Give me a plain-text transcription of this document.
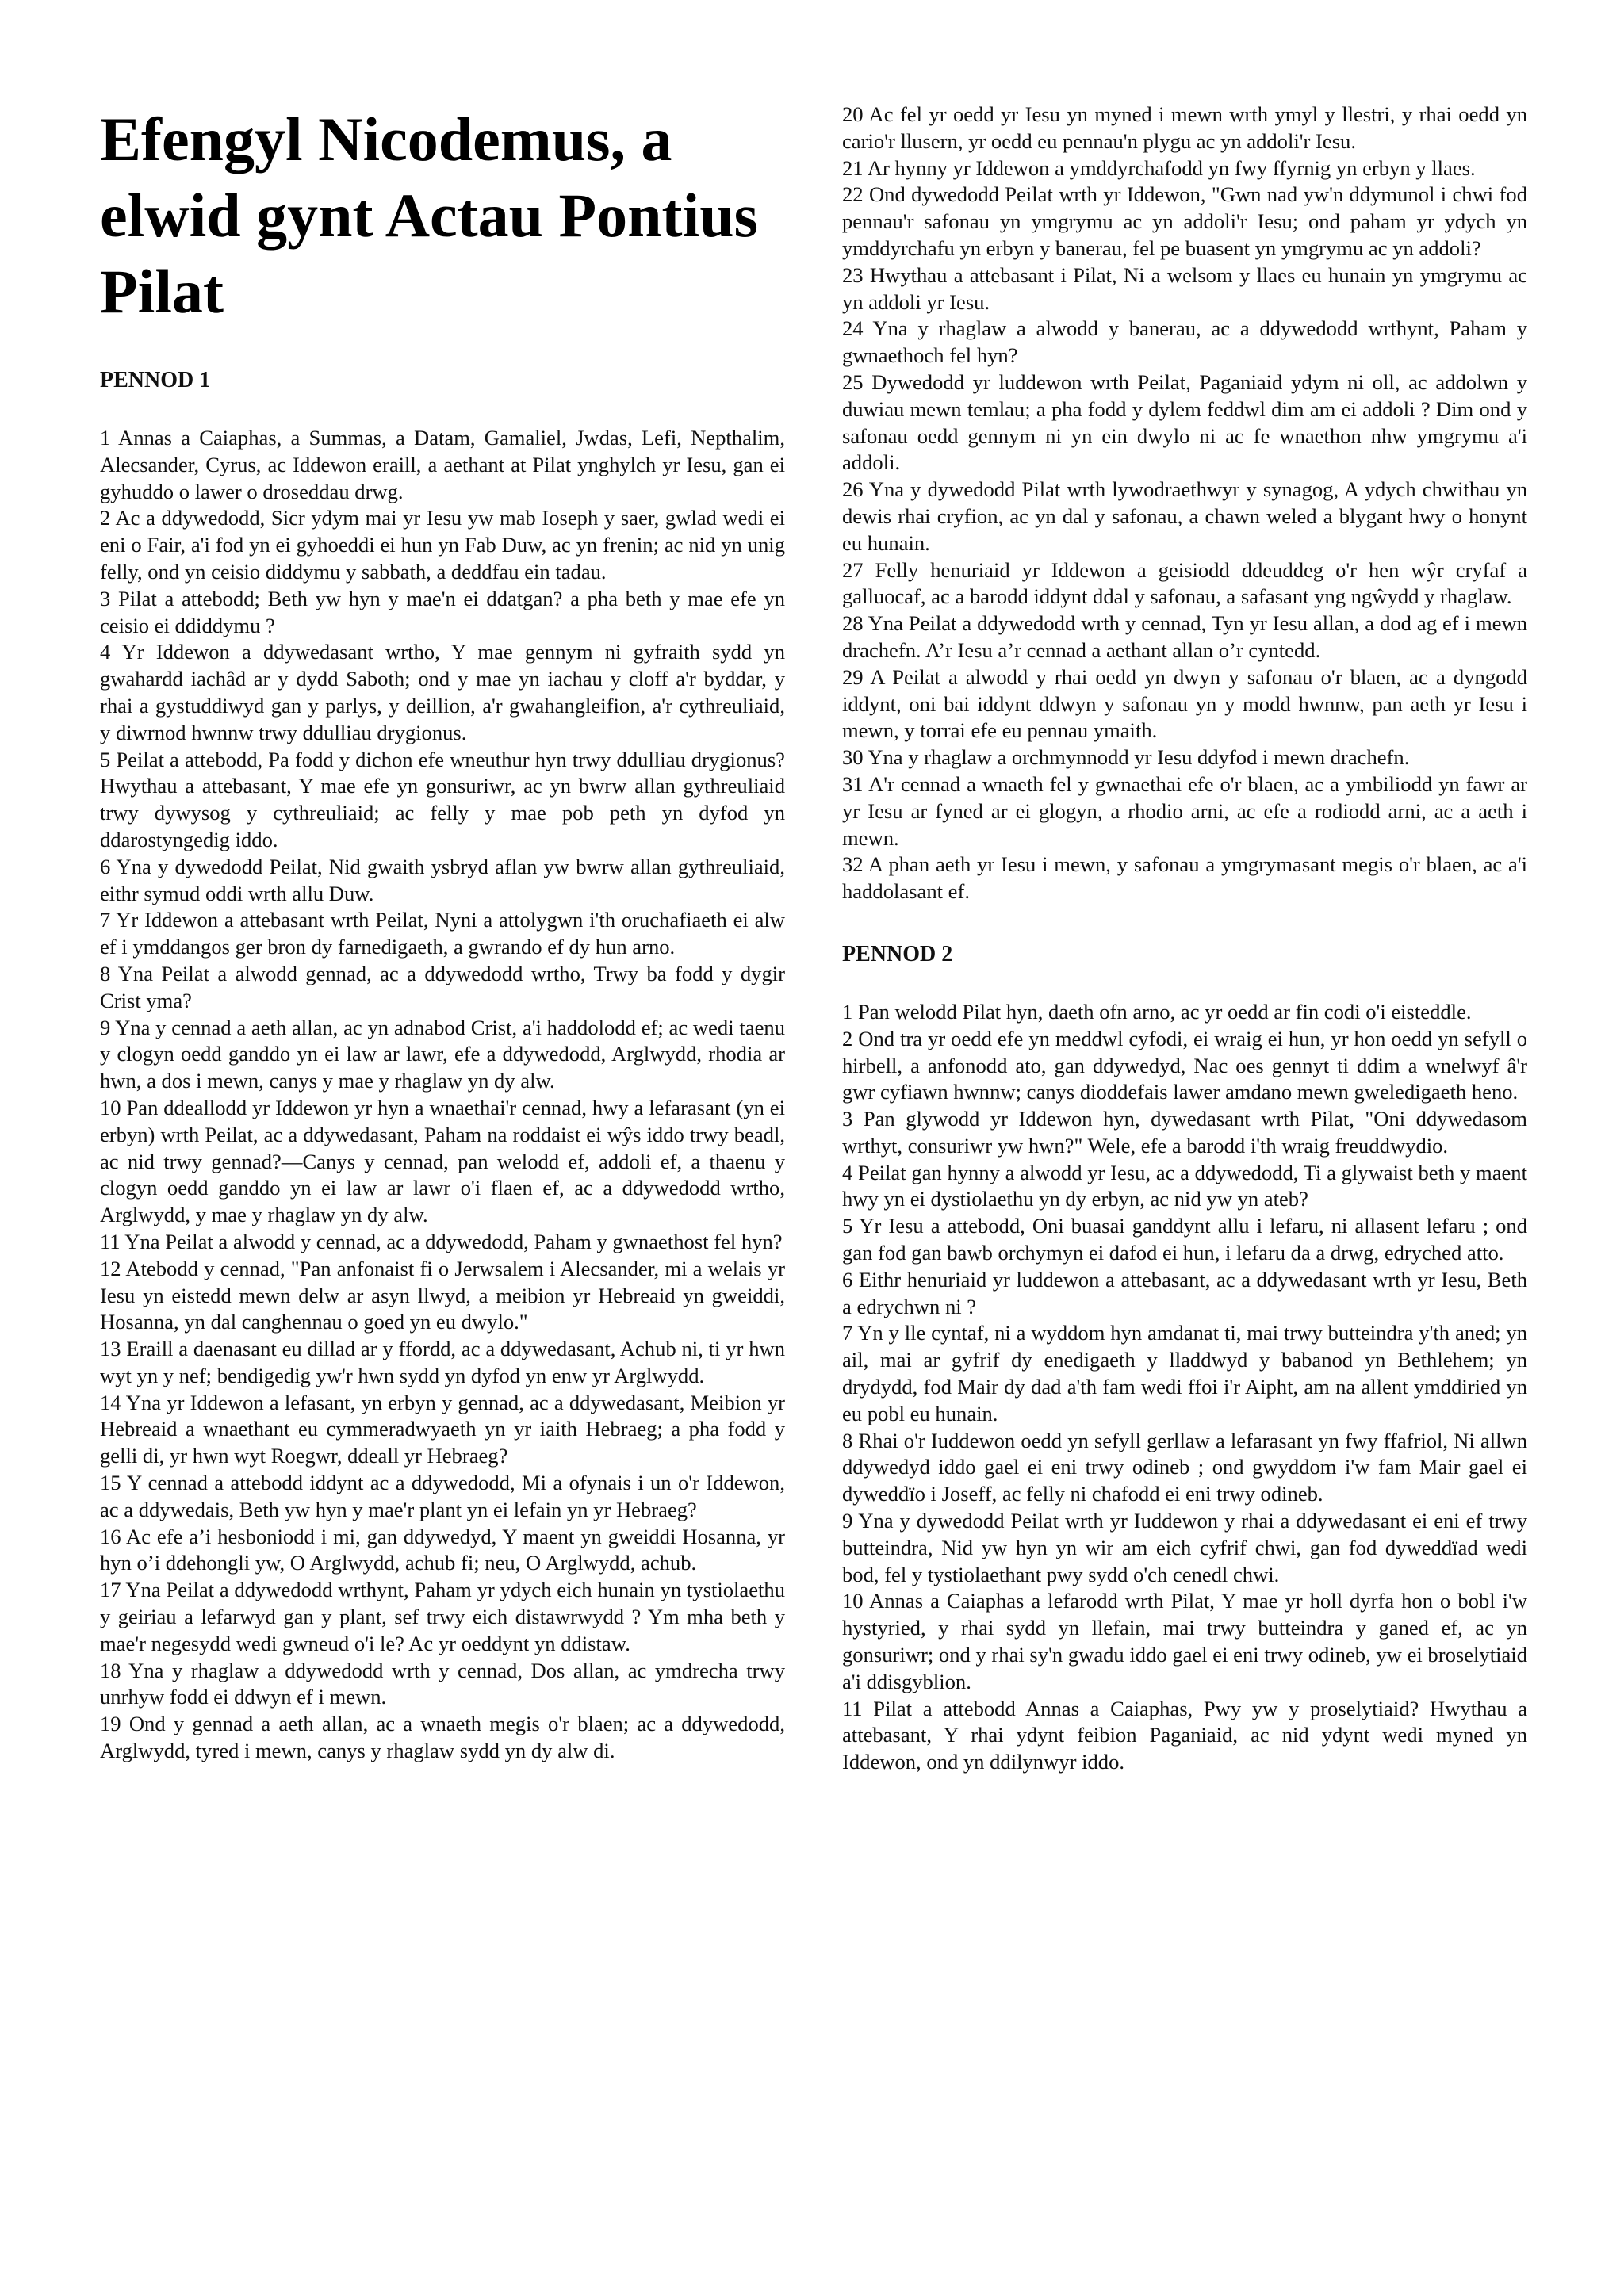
Efengyl Nicodemus, a elwid gynt Actau Pontius Pilat
PENNOD 1

1 Annas a Caiaphas, a Summas, a Datam, Gamaliel, Jwdas, Lefi, Nepthalim, Alecsander, Cyrus, ac Iddewon eraill, a aethant at Pilat ynghylch yr Iesu, gan ei gyhuddo o lawer o droseddau drwg.

2 Ac a ddywedodd, Sicr ydym mai yr Iesu yw mab Ioseph y saer, gwlad wedi ei eni o Fair, a'i fod yn ei gyhoeddi ei hun yn Fab Duw, ac yn frenin; ac nid yn unig felly, ond yn ceisio diddymu y sabbath, a deddfau ein tadau.

3 Pilat a attebodd; Beth yw hyn y mae'n ei ddatgan? a pha beth y mae efe yn ceisio ei ddiddymu ?

4 Yr Iddewon a ddywedasant wrtho, Y mae gennym ni gyfraith sydd yn gwahardd iachâd ar y dydd Saboth; ond y mae yn iachau y cloff a'r byddar, y rhai a gystuddiwyd gan y parlys, y deillion, a'r gwahangleifion, a'r cythreuliaid, y diwrnod hwnnw trwy ddulliau drygionus.

5 Peilat a attebodd, Pa fodd y dichon efe wneuthur hyn trwy ddulliau drygionus? Hwythau a attebasant, Y mae efe yn gonsuriwr, ac yn bwrw allan gythreuliaid trwy dywysog y cythreuliaid; ac felly y mae pob peth yn dyfod yn ddarostyngedig iddo.

6 Yna y dywedodd Peilat, Nid gwaith ysbryd aflan yw bwrw allan gythreuliaid, eithr symud oddi wrth allu Duw.

7 Yr Iddewon a attebasant wrth Peilat, Nyni a attolygwn i'th oruchafiaeth ei alw ef i ymddangos ger bron dy farnedigaeth, a gwrando ef dy hun arno.

8 Yna Peilat a alwodd gennad, ac a ddywedodd wrtho, Trwy ba fodd y dygir Crist yma?

9 Yna y cennad a aeth allan, ac yn adnabod Crist, a'i haddolodd ef; ac wedi taenu y clogyn oedd ganddo yn ei law ar lawr, efe a ddywedodd, Arglwydd, rhodia ar hwn, a dos i mewn, canys y mae y rhaglaw yn dy alw.

10 Pan ddeallodd yr Iddewon yr hyn a wnaethai'r cennad, hwy a lefarasant (yn ei erbyn) wrth Peilat, ac a ddywedasant, Paham na roddaist ei wŷs iddo trwy beadl, ac nid trwy gennad?—Canys y cennad, pan welodd ef, addoli ef, a thaenu y clogyn oedd ganddo yn ei law ar lawr o'i flaen ef, ac a ddywedodd wrtho, Arglwydd, y mae y rhaglaw yn dy alw.

11 Yna Peilat a alwodd y cennad, ac a ddywedodd, Paham y gwnaethost fel hyn?

12 Atebodd y cennad, "Pan anfonaist fi o Jerwsalem i Alecsander, mi a welais yr Iesu yn eistedd mewn delw ar asyn llwyd, a meibion yr Hebreaid yn gweiddi, Hosanna, yn dal canghennau o goed yn eu dwylo."

13 Eraill a daenasant eu dillad ar y ffordd, ac a ddywedasant, Achub ni, ti yr hwn wyt yn y nef; bendigedig yw'r hwn sydd yn dyfod yn enw yr Arglwydd.

14 Yna yr Iddewon a lefasant, yn erbyn y gennad, ac a ddywedasant, Meibion yr Hebreaid a wnaethant eu cymmeradwyaeth yn yr iaith Hebraeg; a pha fodd y gelli di, yr hwn wyt Roegwr, ddeall yr Hebraeg?

15 Y cennad a attebodd iddynt ac a ddywedodd, Mi a ofynais i un o'r Iddewon, ac a ddywedais, Beth yw hyn y mae'r plant yn ei lefain yn yr Hebraeg?

16 Ac efe a’i hesboniodd i mi, gan ddywedyd, Y maent yn gweiddi Hosanna, yr hyn o’i ddehongli yw, O Arglwydd, achub fi; neu, O Arglwydd, achub.

17 Yna Peilat a ddywedodd wrthynt, Paham yr ydych eich hunain yn tystiolaethu y geiriau a lefarwyd gan y plant, sef trwy eich distawrwydd ? Ym mha beth y mae'r negesydd wedi gwneud o'i le? Ac yr oeddynt yn ddistaw.

18 Yna y rhaglaw a ddywedodd wrth y cennad, Dos allan, ac ymdrecha trwy unrhyw fodd ei ddwyn ef i mewn.

19 Ond y gennad a aeth allan, ac a wnaeth megis o'r blaen; ac a ddywedodd, Arglwydd, tyred i mewn, canys y rhaglaw sydd yn dy alw di.

20 Ac fel yr oedd yr Iesu yn myned i mewn wrth ymyl y llestri, y rhai oedd yn cario'r llusern, yr oedd eu pennau'n plygu ac yn addoli'r Iesu.

21 Ar hynny yr Iddewon a ymddyrchafodd yn fwy ffyrnig yn erbyn y llaes.

22 Ond dywedodd Peilat wrth yr Iddewon, "Gwn nad yw'n ddymunol i chwi fod pennau'r safonau yn ymgrymu ac yn addoli'r Iesu; ond paham yr ydych yn ymddyrchafu yn erbyn y banerau, fel pe buasent yn ymgrymu ac yn addoli?

23 Hwythau a attebasant i Pilat, Ni a welsom y llaes eu hunain yn ymgrymu ac yn addoli yr Iesu.

24 Yna y rhaglaw a alwodd y banerau, ac a ddywedodd wrthynt, Paham y gwnaethoch fel hyn?

25 Dywedodd yr luddewon wrth Peilat, Paganiaid ydym ni oll, ac addolwn y duwiau mewn temlau; a pha fodd y dylem feddwl dim am ei addoli ? Dim ond y safonau oedd gennym ni yn ein dwylo ni ac fe wnaethon nhw ymgrymu a'i addoli.

26 Yna y dywedodd Pilat wrth lywodraethwyr y synagog, A ydych chwithau yn dewis rhai cryfion, ac yn dal y safonau, a chawn weled a blygant hwy o honynt eu hunain.

27 Felly henuriaid yr Iddewon a geisiodd ddeuddeg o'r hen wŷr cryfaf a galluocaf, ac a barodd iddynt ddal y safonau, a safasant yng ngŵydd y rhaglaw.

28 Yna Peilat a ddywedodd wrth y cennad, Tyn yr Iesu allan, a dod ag ef i mewn drachefn. A’r Iesu a’r cennad a aethant allan o’r cyntedd.

29 A Peilat a alwodd y rhai oedd yn dwyn y safonau o'r blaen, ac a dyngodd iddynt, oni bai iddynt ddwyn y safonau yn y modd hwnnw, pan aeth yr Iesu i mewn, y torrai efe eu pennau ymaith.

30 Yna y rhaglaw a orchmynnodd yr Iesu ddyfod i mewn drachefn.

31 A'r cennad a wnaeth fel y gwnaethai efe o'r blaen, ac a ymbiliodd yn fawr ar yr Iesu ar fyned ar ei glogyn, a rhodio arni, ac efe a rodiodd arni, ac a aeth i mewn.

32 A phan aeth yr Iesu i mewn, y safonau a ymgrymasant megis o'r blaen, ac a'i haddolasant ef.

PENNOD 2

1 Pan welodd Pilat hyn, daeth ofn arno, ac yr oedd ar fin codi o'i eisteddle.

2 Ond tra yr oedd efe yn meddwl cyfodi, ei wraig ei hun, yr hon oedd yn sefyll o hirbell, a anfonodd ato, gan ddywedyd, Nac oes gennyt ti ddim a wnelwyf â'r gwr cyfiawn hwnnw; canys dioddefais lawer amdano mewn gweledigaeth heno.

3 Pan glywodd yr Iddewon hyn, dywedasant wrth Pilat, "Oni ddywedasom wrthyt, consuriwr yw hwn?" Wele, efe a barodd i'th wraig freuddwydio.

4 Peilat gan hynny a alwodd yr Iesu, ac a ddywedodd, Ti a glywaist beth y maent hwy yn ei dystiolaethu yn dy erbyn, ac nid yw yn ateb?

5 Yr Iesu a attebodd, Oni buasai ganddynt allu i lefaru, ni allasent lefaru ; ond gan fod gan bawb orchymyn ei dafod ei hun, i lefaru da a drwg, edryched atto.

6 Eithr henuriaid yr luddewon a attebasant, ac a ddywedasant wrth yr Iesu, Beth a edrychwn ni ?

7 Yn y lle cyntaf, ni a wyddom hyn amdanat ti, mai trwy butteindra y'th aned; yn ail, mai ar gyfrif dy enedigaeth y lladdwyd y babanod yn Bethlehem; yn drydydd, fod Mair dy dad a'th fam wedi ffoi i'r Aipht, am na allent ymddiried yn eu pobl eu hunain.

8 Rhai o'r Iuddewon oedd yn sefyll gerllaw a lefarasant yn fwy ffafriol, Ni allwn ddywedyd iddo gael ei eni trwy odineb ; ond gwyddom i'w fam Mair gael ei dyweddïo i Joseff, ac felly ni chafodd ei eni trwy odineb.

9 Yna y dywedodd Peilat wrth yr Iuddewon y rhai a ddywedasant ei eni ef trwy butteindra, Nid yw hyn yn wir am eich cyfrif chwi, gan fod dyweddïad wedi bod, fel y tystiolaethant pwy sydd o'ch cenedl chwi.

10 Annas a Caiaphas a lefarodd wrth Pilat, Y mae yr holl dyrfa hon o bobl i'w hystyried, y rhai sydd yn llefain, mai trwy butteindra y ganed ef, ac yn gonsuriwr; ond y rhai sy'n gwadu iddo gael ei eni trwy odineb, yw ei broselytiaid a'i ddisgyblion.

11 Pilat a attebodd Annas a Caiaphas, Pwy yw y proselytiaid? Hwythau a attebasant, Y rhai ydynt feibion Paganiaid, ac nid ydynt wedi myned yn Iddewon, ond yn ddilynwyr iddo.
